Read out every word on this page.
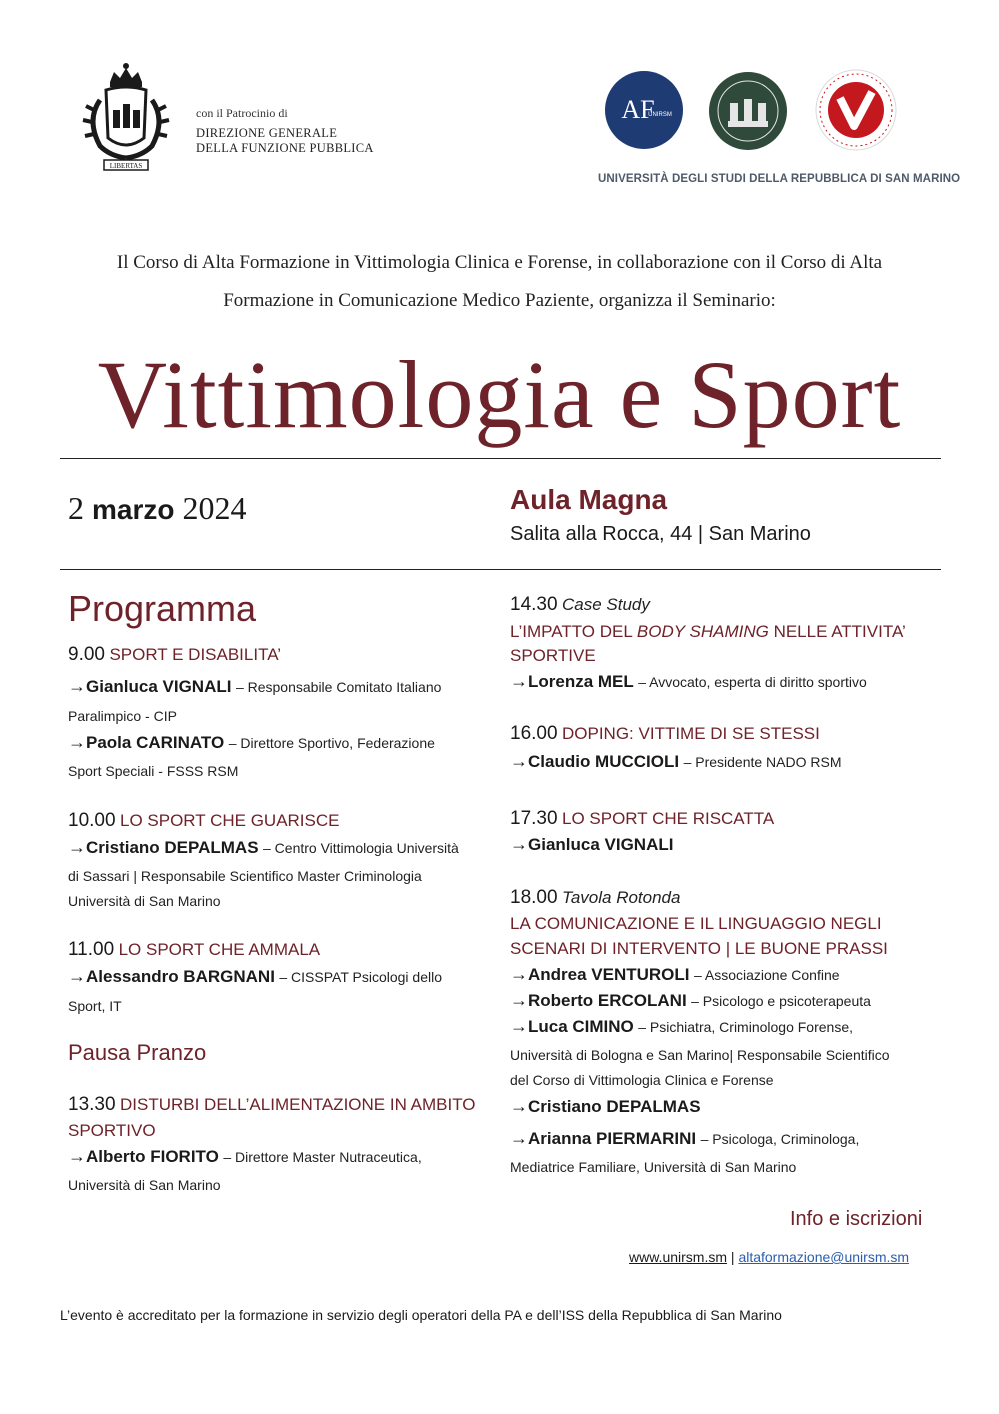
LIBERTAS
con il Patrocinio di
DIREZIONE GENERALE
DELLA FUNZIONE PUBBLICA
AF
UNIRSM
UNIVERSITÀ DEGLI STUDI DELLA REPUBBLICA DI SAN MARINO
Il Corso di Alta Formazione in Vittimologia Clinica e Forense, in collaborazione con il Corso di Alta
Formazione in Comunicazione Medico Paziente, organizza il Seminario:
Vittimologia e Sport
2 marzo 2024	Aula Magna
Salita alla Rocca, 44 | San Marino
Programma
9.00 SPORT E DISABILITA’
→Gianluca VIGNALI – Responsabile Comitato Italiano
Paralimpico - CIP
→Paola CARINATO – Direttore Sportivo, Federazione
Sport Speciali - FSSS RSM
10.00 LO SPORT CHE GUARISCE
→Cristiano DEPALMAS – Centro Vittimologia Università
di Sassari | Responsabile Scientifico Master Criminologia
Università di San Marino
11.00 LO SPORT CHE AMMALA
→Alessandro BARGNANI – CISSPAT Psicologi dello
Sport, IT
Pausa Pranzo
13.30 DISTURBI DELL’ALIMENTAZIONE IN AMBITO
SPORTIVO
→Alberto FIORITO – Direttore Master Nutraceutica,
Università di San Marino
14.30 Case Study
L’IMPATTO DEL BODY SHAMING NELLE ATTIVITA’
SPORTIVE
→Lorenza MEL – Avvocato, esperta di diritto sportivo
16.00 DOPING: VITTIME DI SE STESSI
→Claudio MUCCIOLI – Presidente NADO RSM
17.30 LO SPORT CHE RISCATTA
→Gianluca VIGNALI
18.00 Tavola Rotonda
LA COMUNICAZIONE E IL LINGUAGGIO NEGLI
SCENARI DI INTERVENTO | LE BUONE PRASSI
→Andrea VENTUROLI – Associazione Confine
→Roberto ERCOLANI – Psicologo e psicoterapeuta
→Luca CIMINO – Psichiatra, Criminologo Forense,
Università di Bologna e San Marino| Responsabile Scientifico
del Corso di Vittimologia Clinica e Forense
→Cristiano DEPALMAS
→Arianna PIERMARINI – Psicologa, Criminologa,
Mediatrice Familiare, Università di San Marino
Info e iscrizioni
www.unirsm.sm | altaformazione@unirsm.sm
L’evento è accreditato per la formazione in servizio degli operatori della PA e dell’ISS della Repubblica di San Marino
